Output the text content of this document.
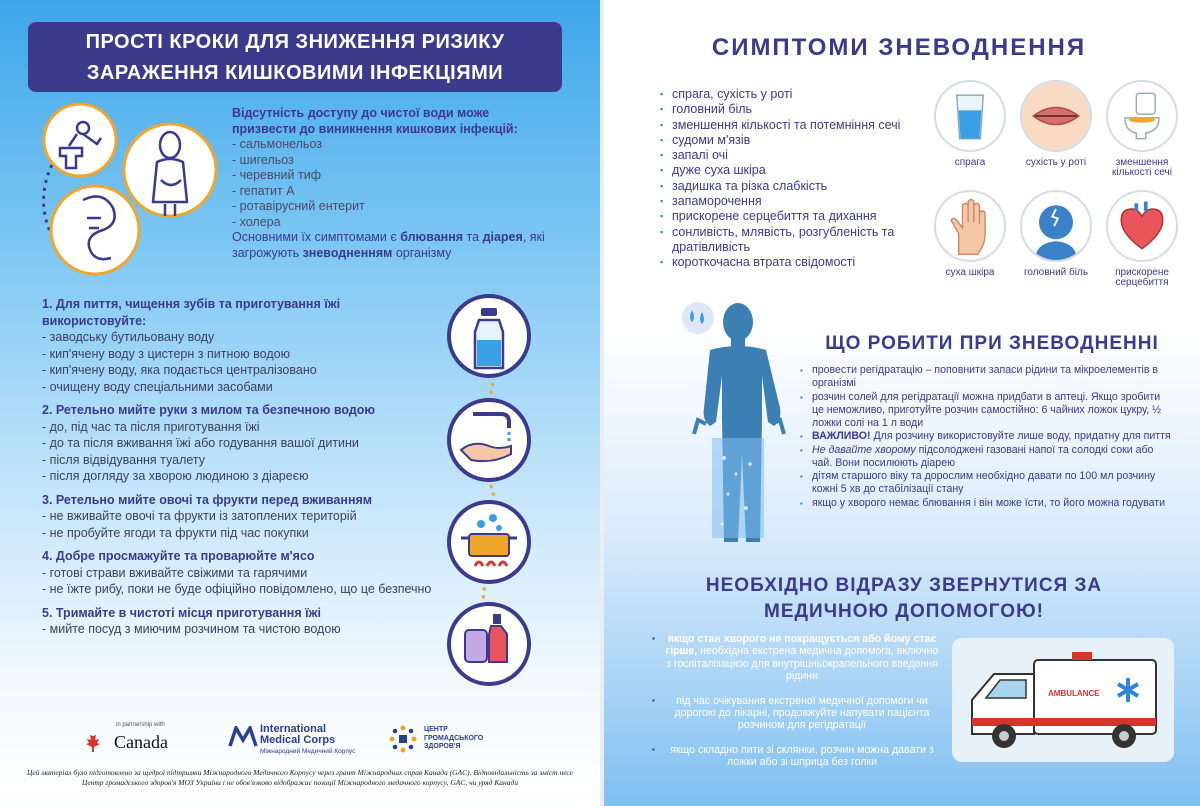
ПРОСТІ КРОКИ ДЛЯ ЗНИЖЕННЯ РИЗИКУ
ЗАРАЖЕННЯ КИШКОВИМИ ІНФЕКЦІЯМИ
Відсутність доступу до чистої води може призвести до виникнення кишкових інфекцій:
- сальмонельоз
- шигельоз
- черевний тиф
- гепатит А
- ротавірусний ентерит
- холера
Основними їх симптомами є блювання та діарея, які загрожують зневодненням організму
1. Для пиття, чищення зубів та приготування їжі використовуйте:
- заводську бутильовану воду
- кип'ячену воду з цистерн з питною водою
- кип'ячену воду, яка подається централізовано
- очищену воду спеціальними засобами
2. Ретельно мийте руки з милом та безпечною водою
- до, під час та після приготування їжі
- до та після вживання їжі або годування вашої дитини
- після відвідування туалету
- після догляду за хворою людиною з діареєю
3. Ретельно мийте овочі та фрукти перед вживанням
- не вживайте овочі та фрукти із затоплених територій
- не пробуйте ягоди та фрукти під час покупки
4. Добре просмажуйте та проварюйте м'ясо
- готові страви вживайте свіжими та гарячими
- не їжте рибу, поки не буде офіційно повідомлено, що це безпечно
5. Тримайте в чистоті місця приготування їжі
- мийте посуд з миючим розчином та чистою водою
in partnership with
Canada
International
Medical Corps
Міжнародний Медичний Корпус
ЦЕНТР
ГРОМАДСЬКОГО
ЗДОРОВ'Я
Цей матеріал було підготовлено за щедрої підтримки Міжнародного Медичного Корпусу через грант Міжнародних справ Канади (GAC). Відповідальність за зміст несе
Центр громадського здоров'я МОЗ України і не обов'язково відображає позиції Міжнародного медичного корпусу, GAC, чи уряд Канади
СИМПТОМИ ЗНЕВОДНЕННЯ
▪ спрага, сухість у роті
▪ головний біль
▪ зменшення кількості та потемніння сечі
▪ судоми м'язів
▪ запалі очі
▪ дуже суха шкіра
▪ задишка та різка слабкість
▪ запаморочення
▪ прискорене серцебиття та дихання
▪ сонливість, млявість, розгубленість та дратівливість
▪ короткочасна втрата свідомості
спрага	сухість у роті	зменшення кількості сечі
суха шкіра	головний біль	прискорене серцебиття
ЩО РОБИТИ ПРИ ЗНЕВОДНЕННІ
▪ провести регідратацію – поповнити запаси рідини та мікроелементів в організмі
▪ розчин солей для регідратації можна придбати в аптеці. Якщо зробити це неможливо, приготуйте розчин самостійно: 6 чайних ложок цукру, ½ ложки солі на 1 л води
▪ ВАЖЛИВО! Для розчину використовуйте лише воду, придатну для пиття
▪ Не давайте хворому підсолоджені газовані напої та солодкі соки або чай. Вони посилюють діарею
▪ дітям старшого віку та дорослим необхідно давати по 100 мл розчину кожні 5 хв до стабілізації стану
▪ якщо у хворого немає блювання і він може їсти, то його можна годувати
НЕОБХІДНО ВІДРАЗУ ЗВЕРНУТИСЯ ЗА
МЕДИЧНОЮ ДОПОМОГОЮ!
▪ якщо стан хворого не покращується або йому стає гірше, необхідна екстрена медична допомога, включно з госпіталізацією для внутрішньокрапельного введення рідини
▪ під час очікування екстреної медичної допомоги чи дорогою до лікарні, продовжуйте напувати пацієнта розчином для регідратації
▪ якщо складно пити зі склянки, розчин можна давати з ложки або зі шприца без голки
AMBULANCE
